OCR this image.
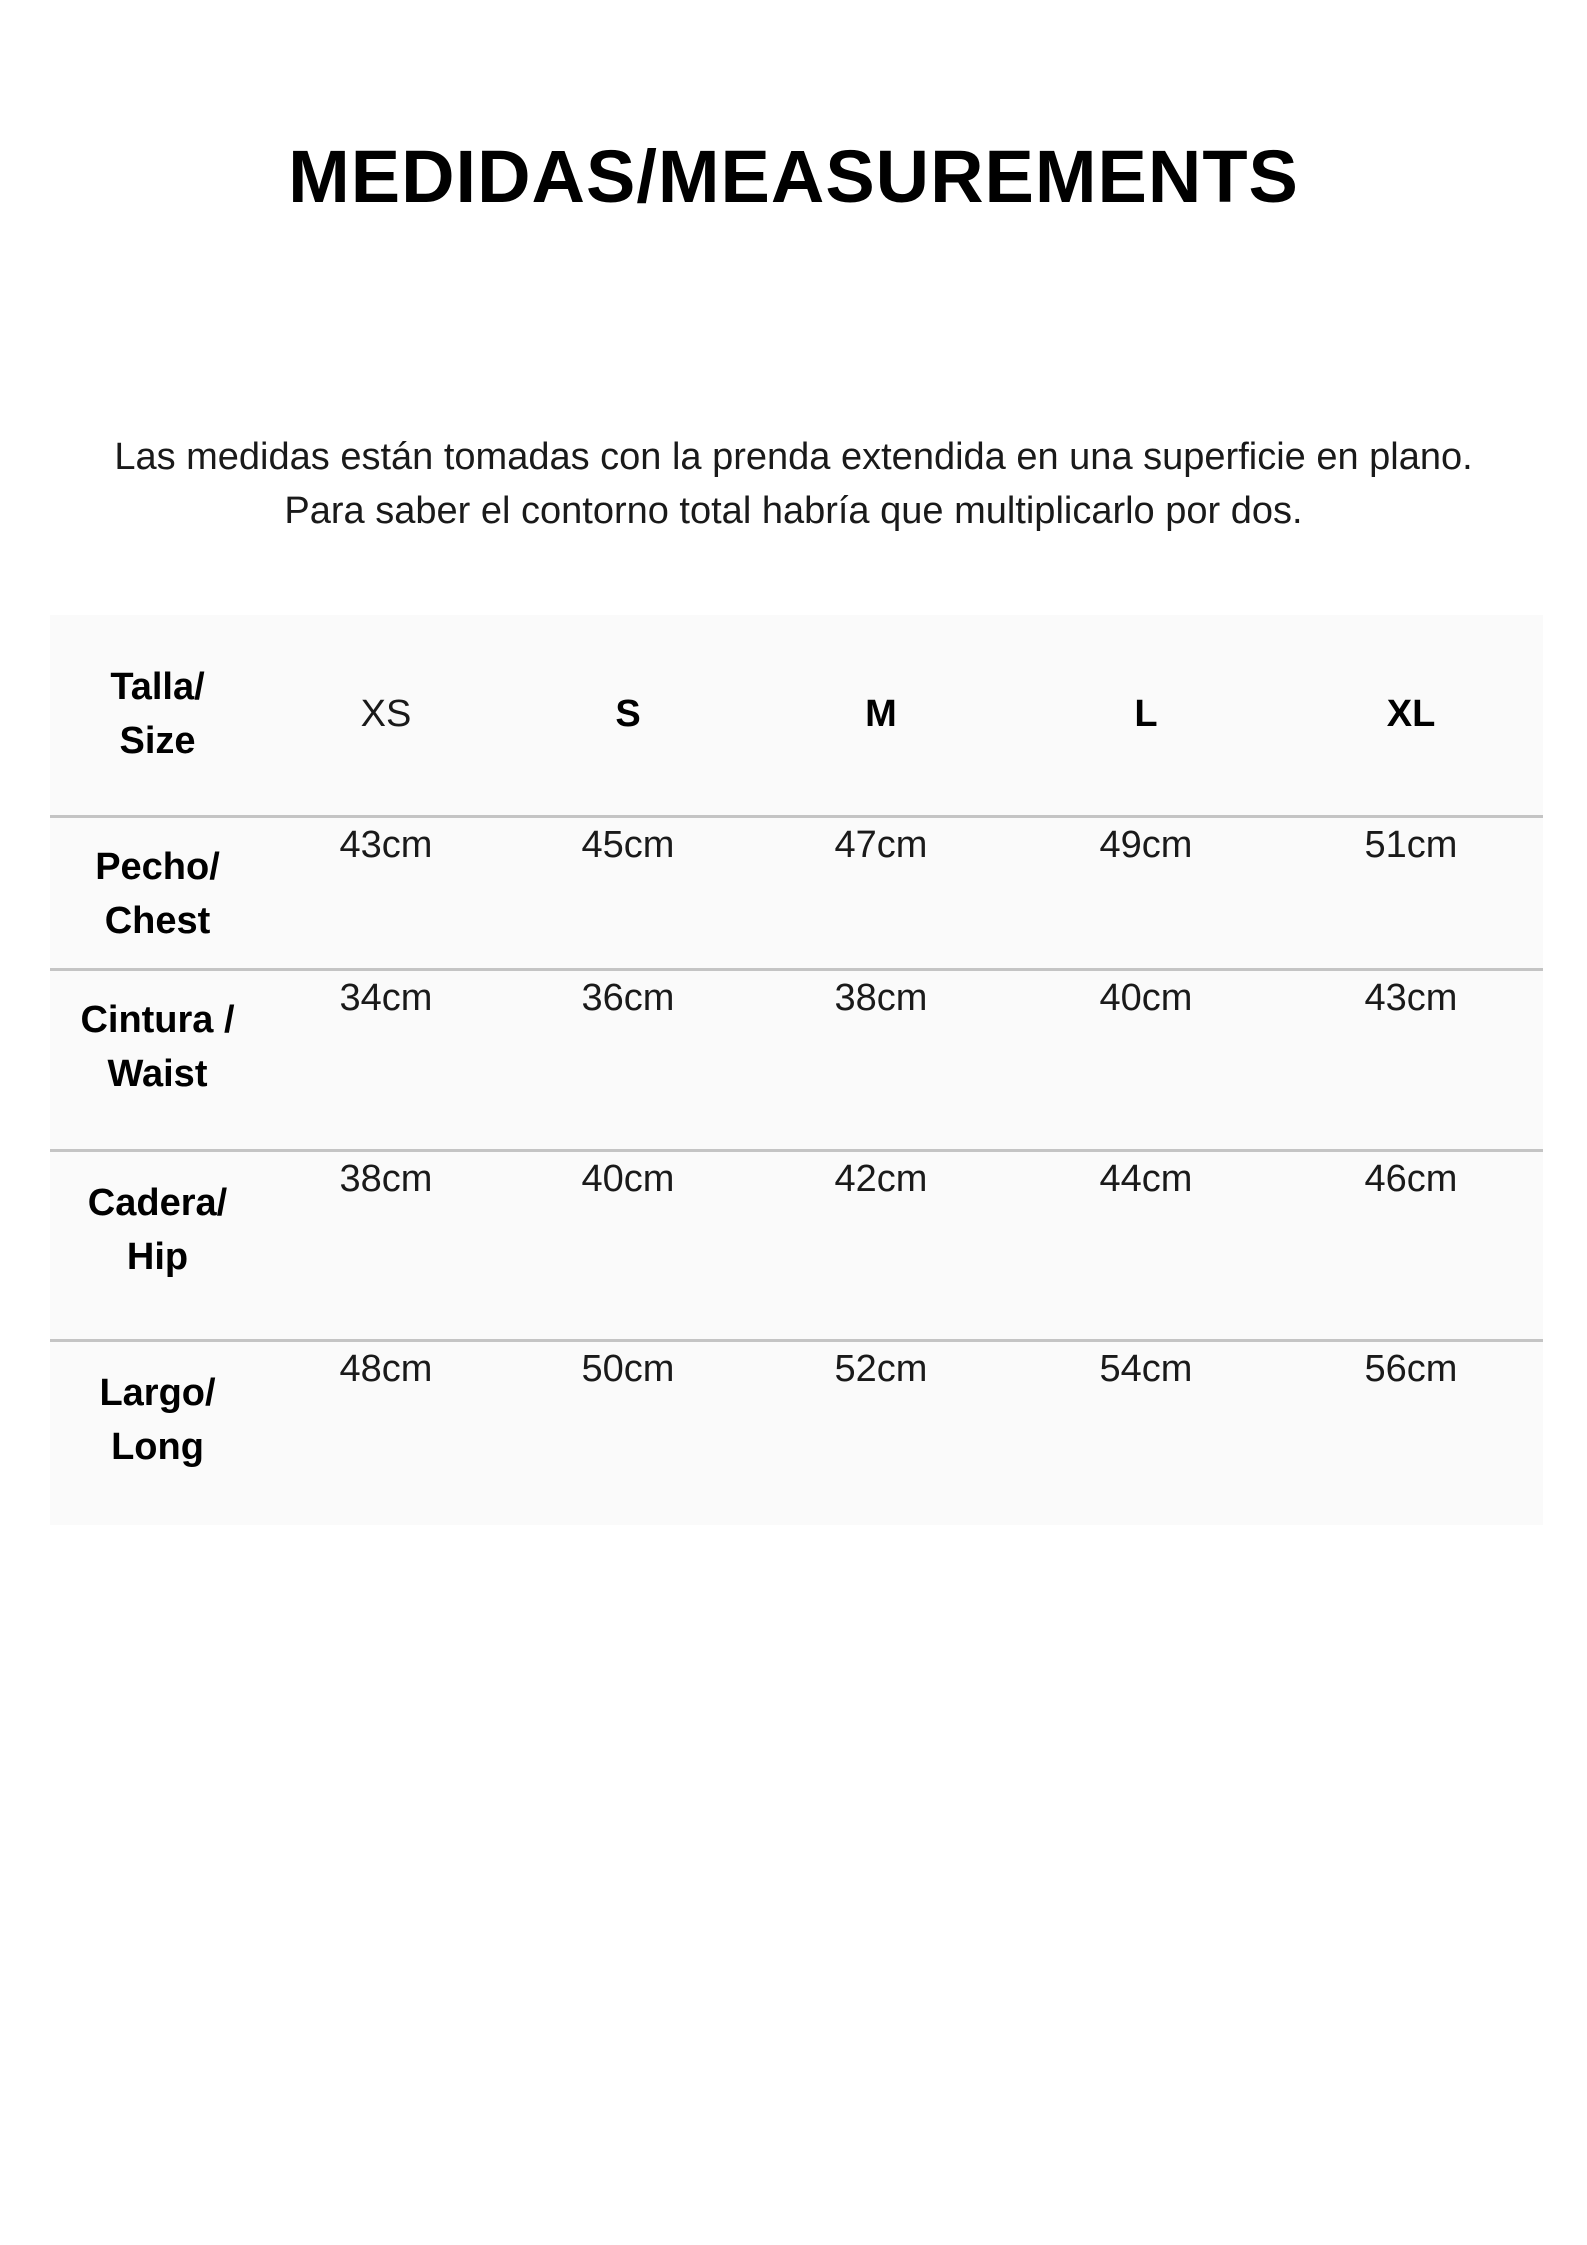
MEDIDAS/MEASUREMENTS
Las medidas están tomadas con la prenda extendida en una superficie en plano.
Para saber el contorno total habría que multiplicarlo por dos.
Talla/
Size
XS	S	M	L	XL
Pecho/
Chest
43cm	45cm	47cm	49cm	51cm
Cintura /
Waist
34cm	36cm	38cm	40cm	43cm
Cadera/
Hip
38cm	40cm	42cm	44cm	46cm
Largo/
Long
48cm	50cm	52cm	54cm	56cm
